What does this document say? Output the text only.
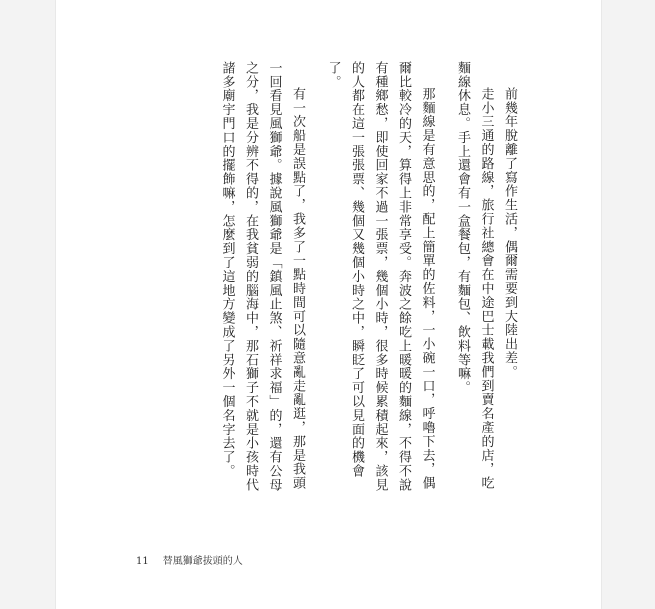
前幾年脫離了寫作生活，偶爾需要到大陸出差。

走小三通的路線，旅行社總會在中途巴士載我們到賣名產的店，吃麵線休息。手上還會有一盒餐包，有麵包、飲料等嘛。

那麵線是有意思的，配上簡單的佐料，一小碗一口，呼嚕下去，偶爾比較冷的天，算得上非常享受。奔波之餘吃上暖暖的麵線，不得不說有種鄉愁，即使回家不過一張票，幾個小時，很多時候累積起來，該見的人都在這一張張票、幾個又幾個小時之中，瞬眨了可以見面的機會了。

有一次船是誤點了，我多了一點時間可以隨意亂走亂逛，那是我頭一回看見風獅爺。據說風獅爺是「鎮風止煞、祈祥求福」的，還有公母之分，我是分辨不得的，在我貧弱的腦海中，那石獅子不就是小孩時代諸多廟宇門口的擺飾嘛，怎麼到了這地方變成了另外一個名字去了。

11 替風獅爺拔頭的人
